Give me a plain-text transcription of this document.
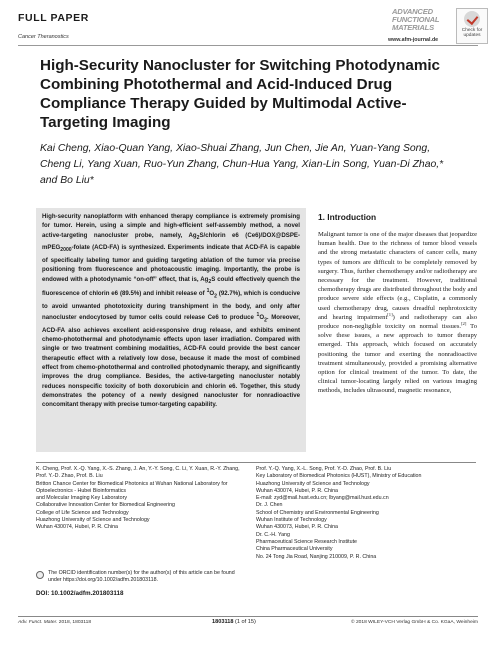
FULL PAPER
Cancer Theranostics
ADVANCED
FUNCTIONAL MATERIALS
www.afm-journal.de
Check for
updates
High-Security Nanocluster for Switching Photodynamic Combining Photothermal and Acid-Induced Drug Compliance Therapy Guided by Multimodal Active-Targeting Imaging
Kai Cheng, Xiao-Quan Yang, Xiao-Shuai Zhang, Jun Chen, Jie An, Yuan-Yang Song, Cheng Li, Yang Xuan, Ruo-Yun Zhang, Chun-Hua Yang, Xian-Lin Song, Yuan-Di Zhao,* and Bo Liu*

High-security nanoplatform with enhanced therapy compliance is extremely promising for tumor. Herein, using a simple and high-efficient self-assembly method, a novel active-targeting nanocluster probe, namely, $Ag_2S$/chlorin e6 (Ce6)/DOX@DSPE-mPEG$_{2000}$-folate (ACD-FA) is synthesized. Experiments indicate that ACD-FA is capable of specifically labeling tumor and guiding targeting ablation of the tumor via precise positioning from fluorescence and photoacoustic imaging. Importantly, the probe is endowed with a photodynamic “on-off” effect, that is, $Ag_2S$ could effectively quench the fluorescence of chlorin e6 (89.5%) and inhibit release of $^1O_2$ (92.7%), which is conducive to avoid unwanted phototoxicity during transhipment in the body, and only after nanocluster endocytosed by tumor cells could release Ce6 to produce $^1O_2$. Moreover, ACD-FA also achieves excellent acid-responsive drug release, and exhibits eminent chemo-photothermal and photodynamic effects upon laser irradiation. Compared with single or two treatment combining modalities, ACD-FA could provide the best cancer therapeutic effect with a relatively low dose, because it made the most of combined effect from chemo-photothermal and controlled photodynamic therapy, and significantly improves the drug compliance. Besides, the active-targeting nanocluster notably reduces nonspecific toxicity of both doxorubicin and chlorin e6. Together, this study demonstrates the potency of a newly designed nanocluster for nonradioactive concomitant therapy with precise tumor-targeting capability.

1. Introduction
Malignant tumor is one of the major diseases that jeopardize human health. Due to the richness of tumor blood vessels and the strong metastatic characters of cancer cells, many types of tumors are difficult to be completely removed by surgery. Thus, further chemotherapy and/or radiotherapy are necessary for the treatment. However, traditional chemotherapy drugs are distributed throughout the body and produce severe side effects (e.g., Cisplatin, a commonly used chemotherapy drug, causes dreadful nephrotoxicity and hearing impairment[1]) and radiotherapy can also produce non-negligible toxicity on normal tissues.[2] To solve these issues, a new approach to tumor therapy emerged. This approach, which focused on accurately positioning the tumor and exerting the nonradioactive treatment simultaneously, provided a promising alternative option for clinical treatment of the tumor. To date, the clinical tumor-locating largely relied on various imaging methods, includes ultrasound, magnetic resonance,
K. Cheng, Prof. X.-Q. Yang, X.-S. Zhang, J. An, Y.-Y. Song, C. Li, Y. Xuan, R.-Y. Zhang, Prof. Y.-D. Zhao, Prof. B. Liu
Britton Chance Center for Biomedical Photonics at Wuhan National Laboratory for Optoelectronics - Hubei Bioinformatics
and Molecular Imaging Key Laboratory
Collaborative Innovation Center for Biomedical Engineering
College of Life Science and Technology
Huazhong University of Science and Technology
Wuhan 430074, Hubei, P. R. China
The ORCID identification number(s) for the author(s) of this article can be found under https://doi.org/10.1002/adfm.201803118.
DOI: 10.1002/adfm.201803118
Prof. Y.-Q. Yang, X.-L. Song, Prof. Y.-D. Zhao, Prof. B. Liu
Key Laboratory of Biomedical Photonics (HUST), Ministry of Education
Huazhong University of Science and Technology
Wuhan 430074, Hubei, P. R. China
E-mail: zyd@mail.hust.edu.cn; lbyang@mail.hust.edu.cn
Dr. J. Chen
School of Chemistry and Environmental Engineering
Wuhan Institute of Technology
Wuhan 430073, Hubei, P. R. China
Dr. C.-H. Yang
Pharmaceutical Science Research Institute
China Pharmaceutical University
No. 24 Tong Jia Road, Nanjing 210009, P. R. China
Adv. Funct. Mater. 2018, 1803118	1803118 (1 of 15)	© 2018 WILEY-VCH Verlag GmbH & Co. KGaA, Weinheim
